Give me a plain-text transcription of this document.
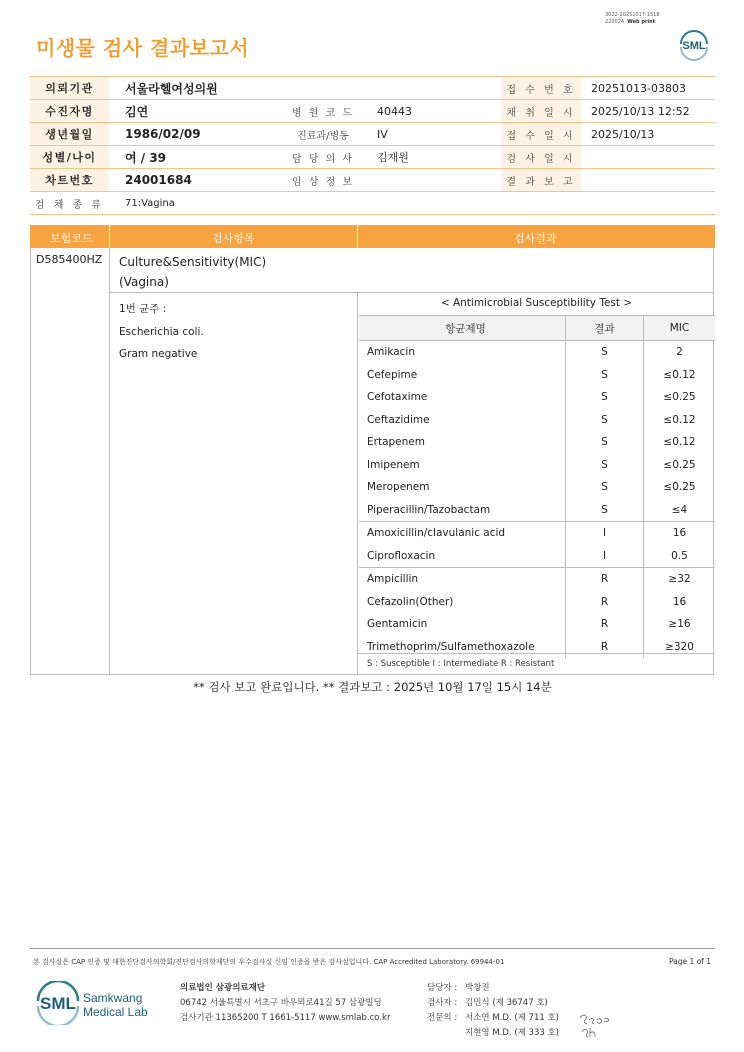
미생물 검사 결과보고서
3022-20251017-1518
220024 Web print
SML
의뢰기관	서울라헬여성의원			접 수 번 호	20251013-03803
수진자명	김연	병 원 코 드	40443	채 취 일 시	2025/10/13 12:52
생년월일	1986/02/09	진료과/병동	IV	접 수 일 시	2025/10/13
성별/나이	여 / 39	담 당 의 사	김재원	검 사 일 시	
차트번호	24001684	임 상 정 보		결 과 보 고	
검 체 종 류	71:Vagina				
보험코드	검사항목	검사결과
D585400HZ Culture&Sensitivity(MIC)
(Vagina)
1번 균주 :
Escherichia coli.
Gram negative
< Antimicrobial Susceptibility Test >
항균제명	결과	MIC
Amikacin	S	2
Cefepime	S	≤0.12
Cefotaxime	S	≤0.25
Ceftazidime	S	≤0.12
Ertapenem	S	≤0.12
Imipenem	S	≤0.25
Meropenem	S	≤0.25
Piperacillin/Tazobactam	S	≤4
Amoxicillin/clavulanic acid	I	16
Ciprofloxacin	I	0.5
Ampicillin	R	≥32
Cefazolin(Other)	R	16
Gentamicin	R	≥16
Trimethoprim/Sulfamethoxazole	R	≥320
S : Susceptible I : Intermediate R : Resistant
** 검사 보고 완료입니다. ** 결과보고 : 2025년 10월 17일 15시 14분
본 검사실은 CAP 인증 및 대한진단검사의학회/진단검사의학재단의 우수검사실 신임 인증을 받은 검사실입니다. CAP Accredited Laboratory. 69944-01	Page 1 of 1
SML Samkwang
Medical Lab
의료법인 삼광의료재단
06742 서울특별시 서초구 바우뫼로41길 57 삼광빌딩
검사기관 11365200 T 1661-5117 www.smlab.co.kr
담당자 : 박창진
검사자 : 김민식 (제 36747 호)
전문의 : 서소연 M.D. (제 711 호)
지현영 M.D. (제 333 호)
